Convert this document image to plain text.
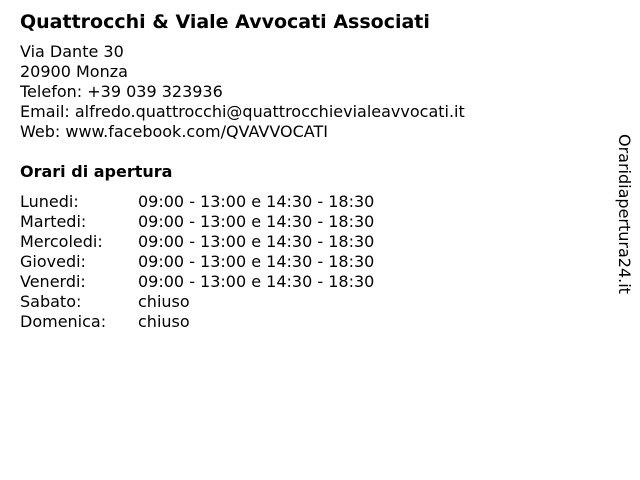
Quattrocchi & Viale Avvocati Associati
Via Dante 30
20900 Monza
Telefon: +39 039 323936
Email: alfredo.quattrocchi@quattrocchievialeavvocati.it
Web: www.facebook.com/QVAVVOCATI
Orari di apertura
Lunedi:	09:00 - 13:00 e 14:30 - 18:30
Martedi:	09:00 - 13:00 e 14:30 - 18:30
Mercoledi:	09:00 - 13:00 e 14:30 - 18:30
Giovedi:	09:00 - 13:00 e 14:30 - 18:30
Venerdi:	09:00 - 13:00 e 14:30 - 18:30
Sabato:	chiuso
Domenica:	chiuso
Oraridiapertura24.it
